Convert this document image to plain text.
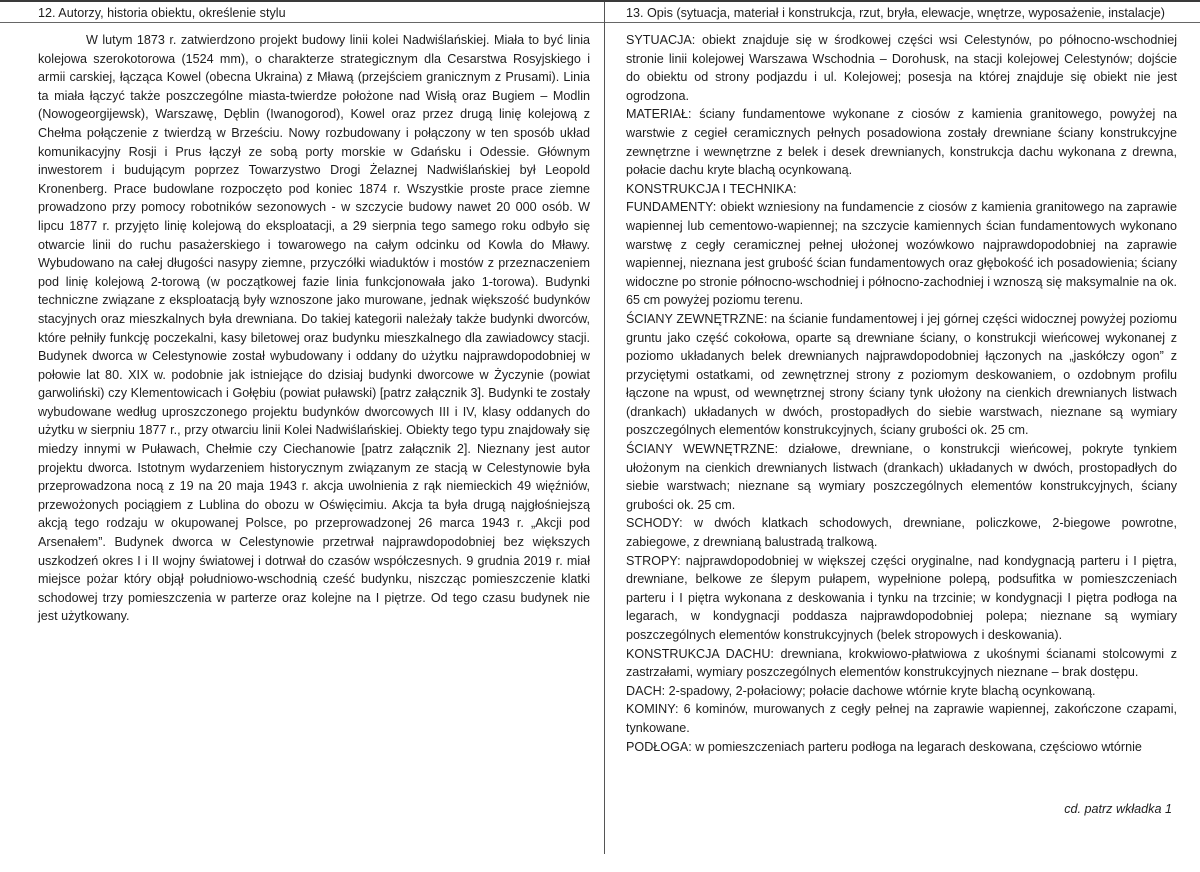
12. Autorzy, historia obiektu, określenie stylu

W lutym 1873 r. zatwierdzono projekt budowy linii kolei Nadwiślańskiej. Miała to być linia kolejowa szerokotorowa (1524 mm), o charakterze strategicznym dla Cesarstwa Rosyjskiego i armii carskiej, łącząca Kowel (obecna Ukraina) z Mławą (przejściem granicznym z Prusami). Linia ta miała łączyć także poszczególne miasta-twierdze położone nad Wisłą oraz Bugiem – Modlin (Nowogeorgijewsk), Warszawę, Dęblin (Iwanogorod), Kowel oraz przez drugą linię kolejową z Chełma połączenie z twierdzą w Brześciu. Nowy rozbudowany i połączony w ten sposób układ komunikacyjny Rosji i Prus łączył ze sobą porty morskie w Gdańsku i Odessie. Głównym inwestorem i budującym poprzez Towarzystwo Drogi Żelaznej Nadwiślańskiej był Leopold Kronenberg. Prace budowlane rozpoczęto pod koniec 1874 r. Wszystkie proste prace ziemne prowadzono przy pomocy robotników sezonowych - w szczycie budowy nawet 20 000 osób. W lipcu 1877 r. przyjęto linię kolejową do eksploatacji, a 29 sierpnia tego samego roku odbyło się otwarcie linii do ruchu pasażerskiego i towarowego na całym odcinku od Kowla do Mławy. Wybudowano na całej długości nasypy ziemne, przyczółki wiaduktów i mostów z przeznaczeniem pod linię kolejową 2-torową (w początkowej fazie linia funkcjonowała jako 1-torowa). Budynki techniczne związane z eksploatacją były wznoszone jako murowane, jednak większość budynków stacyjnych oraz mieszkalnych była drewniana. Do takiej kategorii należały także budynki dworców, które pełniły funkcję poczekalni, kasy biletowej oraz budynku mieszkalnego dla zawiadowcy stacji. Budynek dworca w Celestynowie został wybudowany i oddany do użytku najprawdopodobniej w połowie lat 80. XIX w. podobnie jak istniejące do dzisiaj budynki dworcowe w Życzynie (powiat garwoliński) czy Klementowicach i Gołębiu (powiat puławski) [patrz załącznik 3]. Budynki te zostały wybudowane według uproszczonego projektu budynków dworcowych III i IV, klasy oddanych do użytku w sierpniu 1877 r., przy otwarciu linii Kolei Nadwiślańskiej. Obiekty tego typu znajdowały się miedzy innymi w Puławach, Chełmie czy Ciechanowie [patrz załącznik 2]. Nieznany jest autor projektu dworca. Istotnym wydarzeniem historycznym związanym ze stacją w Celestynowie była przeprowadzona nocą z 19 na 20 maja 1943 r. akcja uwolnienia z rąk niemieckich 49 więźniów, przewożonych pociągiem z Lublina do obozu w Oświęcimiu. Akcja ta była drugą najgłośniejszą akcją tego rodzaju w okupowanej Polsce, po przeprowadzonej 26 marca 1943 r. „Akcji pod Arsenałem”. Budynek dworca w Celestynowie przetrwał najprawdopodobniej bez większych uszkodzeń okres I i II wojny światowej i dotrwał do czasów współczesnych. 9 grudnia 2019 r. miał miejsce pożar który objął południowo-wschodnią cześć budynku, niszcząc pomieszczenie klatki schodowej trzy pomieszczenia w parterze oraz kolejne na I piętrze. Od tego czasu budynek nie jest użytkowany.

13. Opis (sytuacja, materiał i konstrukcja, rzut, bryła, elewacje, wnętrze, wyposażenie, instalacje)

SYTUACJA: obiekt znajduje się w środkowej części wsi Celestynów, po północno-wschodniej stronie linii kolejowej Warszawa Wschodnia – Dorohusk, na stacji kolejowej Celestynów; dojście do obiektu od strony podjazdu i ul. Kolejowej; posesja na której znajduje się obiekt nie jest ogrodzona.

MATERIAŁ: ściany fundamentowe wykonane z ciosów z kamienia granitowego, powyżej na warstwie z cegieł ceramicznych pełnych posadowiona zostały drewniane ściany konstrukcyjne zewnętrzne i wewnętrzne z belek i desek drewnianych, konstrukcja dachu wykonana z drewna, połacie dachu kryte blachą ocynkowaną.

KONSTRUKCJA I TECHNIKA:

FUNDAMENTY: obiekt wzniesiony na fundamencie z ciosów z kamienia granitowego na zaprawie wapiennej lub cementowo-wapiennej; na szczycie kamiennych ścian fundamentowych wykonano warstwę z cegły ceramicznej pełnej ułożonej wozówkowo najprawdopodobniej na zaprawie wapiennej, nieznana jest grubość ścian fundamentowych oraz głębokość ich posadowienia; ściany widoczne po stronie północno-wschodniej i północno-zachodniej i wznoszą się maksymalnie na ok. 65 cm powyżej poziomu terenu.

ŚCIANY ZEWNĘTRZNE: na ścianie fundamentowej i jej górnej części widocznej powyżej poziomu gruntu jako część cokołowa, oparte są drewniane ściany, o konstrukcji wieńcowej wykonanej z poziomo układanych belek drewnianych najprawdopodobniej łączonych na „jaskółczy ogon” z przyciętymi ostatkami, od zewnętrznej strony z poziomym deskowaniem, o ozdobnym profilu łączone na wpust, od wewnętrznej strony ściany tynk ułożony na cienkich drewnianych listwach (drankach) układanych w dwóch, prostopadłych do siebie warstwach, nieznane są wymiary poszczególnych elementów konstrukcyjnych, ściany grubości ok. 25 cm.

ŚCIANY WEWNĘTRZNE: działowe, drewniane, o konstrukcji wieńcowej, pokryte tynkiem ułożonym na cienkich drewnianych listwach (drankach) układanych w dwóch, prostopadłych do siebie warstwach; nieznane są wymiary poszczególnych elementów konstrukcyjnych, ściany grubości ok. 25 cm.

SCHODY: w dwóch klatkach schodowych, drewniane, policzkowe, 2-biegowe powrotne, zabiegowe, z drewnianą balustradą tralkową.

STROPY: najprawdopodobniej w większej części oryginalne, nad kondygnacją parteru i I piętra, drewniane, belkowe ze ślepym pułapem, wypełnione polepą, podsufitka w pomieszczeniach parteru i I piętra wykonana z deskowania i tynku na trzcinie; w kondygnacji I piętra podłoga na legarach, w kondygnacji poddasza najprawdopodobniej polepa; nieznane są wymiary poszczególnych elementów konstrukcyjnych (belek stropowych i deskowania).

KONSTRUKCJA DACHU: drewniana, krokwiowo-płatwiowa z ukośnymi ścianami stolcowymi z zastrzałami, wymiary poszczególnych elementów konstrukcyjnych nieznane – brak dostępu.

DACH: 2-spadowy, 2-połaciowy; połacie dachowe wtórnie kryte blachą ocynkowaną.

KOMINY: 6 kominów, murowanych z cegły pełnej na zaprawie wapiennej, zakończone czapami, tynkowane.

PODŁOGA: w pomieszczeniach parteru podłoga na legarach deskowana, częściowo wtórnie

cd. patrz wkładka 1
